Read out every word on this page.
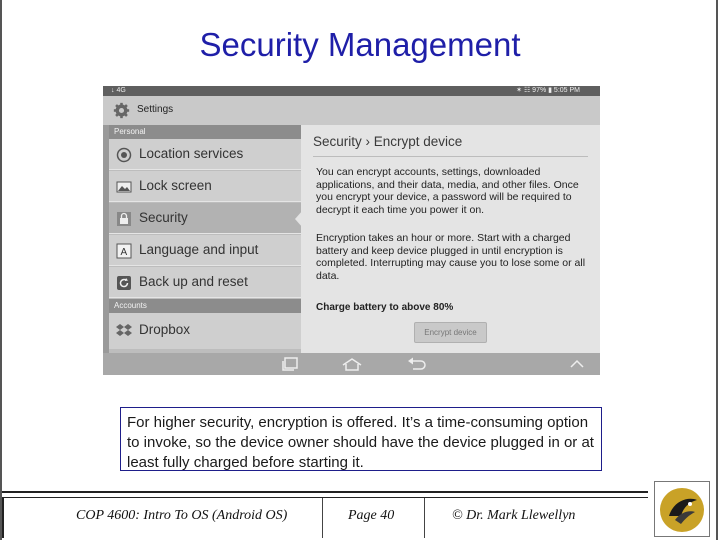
Security Management
↓ 4G	✶ ☷ 97% ▮ 5:05 PM
Settings
Personal
Location services
Lock screen
Security
A Language and input
Back up and reset
Accounts
Dropbox
Security › Encrypt device
You can encrypt accounts, settings, downloaded applications, and their data, media, and other files. Once you encrypt your device, a password will be required to decrypt it each time you power it on.
Encryption takes an hour or more. Start with a charged battery and keep device plugged in until encryption is completed. Interrupting may cause you to lose some or all data.
Charge battery to above 80%
Encrypt device
For higher security, encryption is offered. It’s a time-consuming option to invoke, so the device owner should have the device plugged in or at least fully charged before starting it.
COP 4600: Intro To OS (Android OS)	Page 40	© Dr. Mark Llewellyn
